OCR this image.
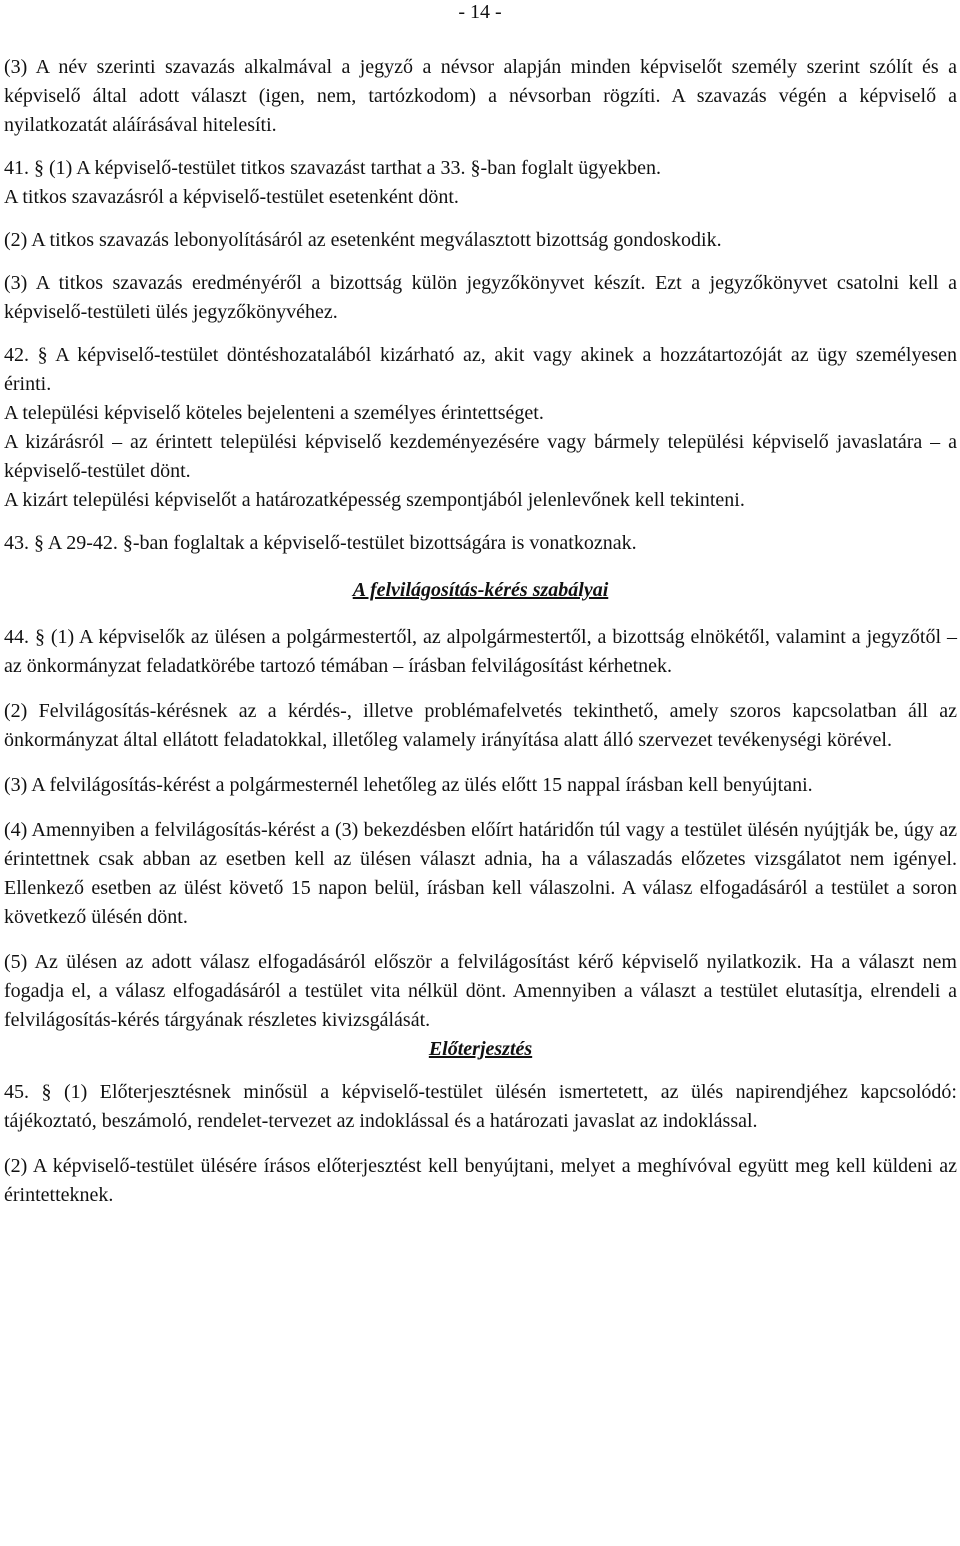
- 14 -

(3) A név szerinti szavazás alkalmával a jegyző a névsor alapján minden képviselőt személy szerint szólít és a képviselő által adott választ (igen, nem, tartózkodom) a névsorban rögzíti. A szavazás végén a képviselő a nyilatkozatát aláírásával hitelesíti.

41. § (1) A képviselő-testület titkos szavazást tarthat a 33. §-ban foglalt ügyekben.

A titkos szavazásról a képviselő-testület esetenként dönt.

(2) A titkos szavazás lebonyolításáról az esetenként megválasztott bizottság gondoskodik.

(3) A titkos szavazás eredményéről a bizottság külön jegyzőkönyvet készít. Ezt a jegyzőkönyvet csatolni kell a képviselő-testületi ülés jegyzőkönyvéhez.

42. § A képviselő-testület döntéshozatalából kizárható az, akit vagy akinek a hozzátartozóját az ügy személyesen érinti.

A települési képviselő köteles bejelenteni a személyes érintettséget.

A kizárásról – az érintett települési képviselő kezdeményezésére vagy bármely települési képviselő javaslatára – a képviselő-testület dönt.

A kizárt települési képviselőt a határozatképesség szempontjából jelenlevőnek kell tekinteni.

43. § A 29-42. §-ban foglaltak a képviselő-testület bizottságára is vonatkoznak.

A felvilágosítás-kérés szabályai

44. § (1) A képviselők az ülésen a polgármestertől, az alpolgármestertől, a bizottság elnökétől, valamint a jegyzőtől – az önkormányzat feladatkörébe tartozó témában – írásban felvilágosítást kérhetnek.

(2) Felvilágosítás-kérésnek az a kérdés-, illetve problémafelvetés tekinthető, amely szoros kapcsolatban áll az önkormányzat által ellátott feladatokkal, illetőleg valamely irányítása alatt álló szervezet tevékenységi körével.

(3) A felvilágosítás-kérést a polgármesternél lehetőleg az ülés előtt 15 nappal írásban kell benyújtani.

(4) Amennyiben a felvilágosítás-kérést a (3) bekezdésben előírt határidőn túl vagy a testület ülésén nyújtják be, úgy az érintettnek csak abban az esetben kell az ülésen választ adnia, ha a válaszadás előzetes vizsgálatot nem igényel. Ellenkező esetben az ülést követő 15 napon belül, írásban kell válaszolni. A válasz elfogadásáról a testület a soron következő ülésén dönt.

(5) Az ülésen az adott válasz elfogadásáról először a felvilágosítást kérő képviselő nyilatkozik. Ha a választ nem fogadja el, a válasz elfogadásáról a testület vita nélkül dönt. Amennyiben a választ a testület elutasítja, elrendeli a felvilágosítás-kérés tárgyának részletes kivizsgálását.

Előterjesztés

45. § (1) Előterjesztésnek minősül a képviselő-testület ülésén ismertetett, az ülés napirendjéhez kapcsolódó: tájékoztató, beszámoló, rendelet-tervezet az indoklással és a határozati javaslat az indoklással.

(2) A képviselő-testület ülésére írásos előterjesztést kell benyújtani, melyet a meghívóval együtt meg kell küldeni az érintetteknek.
